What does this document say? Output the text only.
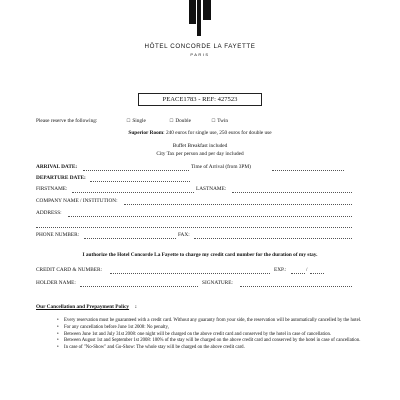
HÔTEL CONCORDE LA FAYETTE
PARIS
PEACE1783 - REF: 427523
Please reserve the following:	□ Single	□ Double	□ Twin
Superior Room: 240 euros for single use, 250 euros for double use
Buffet Breakfast included
City Tax per person and per day included
ARRIVAL DATE:	Time of Arrival (from 3PM)
DEPARTURE DATE:
FIRSTNAME:	LASTNAME:
COMPANY NAME / INSTITUTION:
ADDRESS:
PHONE NUMBER:	FAX:
I authorize the Hotel Concorde La Fayette to charge my credit card number for the duration of my stay.
CREDIT CARD & NUMBER:	EXP.:	/
HOLDER NAME:	SIGNATURE:
Our Cancellation and Prepayment Policy :
• Every reservation must be guaranteed with a credit card. Without any guaranty from your side, the reservation will be automatically cancelled by the hotel.
• For any cancellation before June 1st 2008: No penalty,
• Between June 1st and July 31st 2008: one night will be charged on the above credit card and conserved by the hotel in case of cancellation.
• Between August 1st and September 1st 2008: 100% of the stay will be charged on the above credit card and conserved by the hotel in case of cancellation.
• In case of "No-Show" and Go-Show: The whole stay will be charged on the above credit card.
